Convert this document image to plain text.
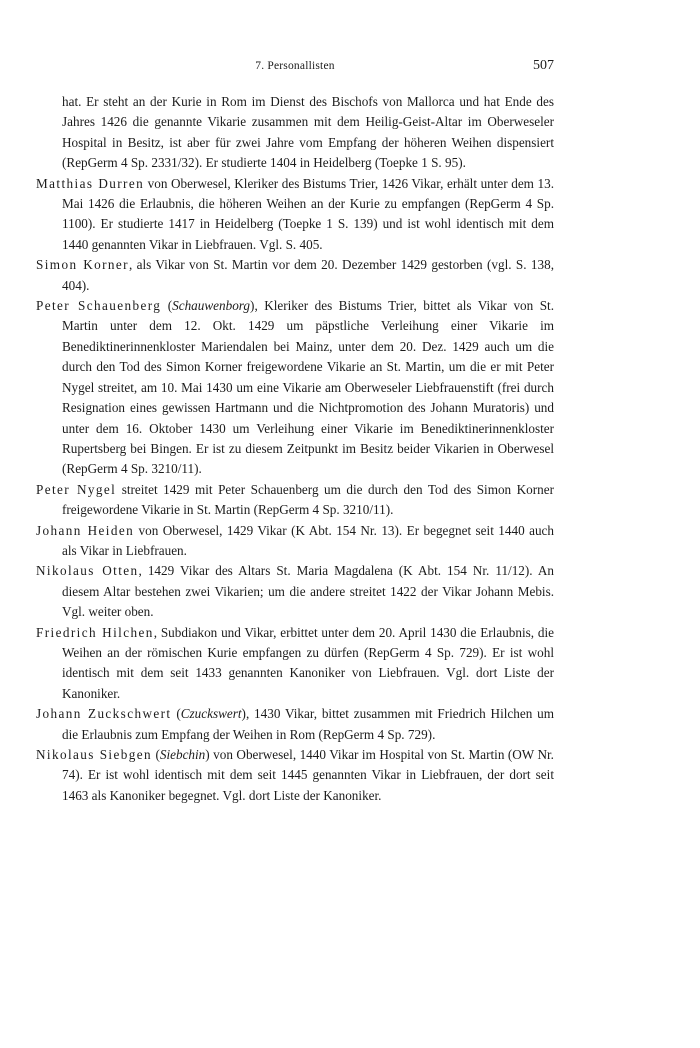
7. Personallisten	507

hat. Er steht an der Kurie in Rom im Dienst des Bischofs von Mallorca und hat Ende des Jahres 1426 die genannte Vikarie zusammen mit dem Heilig-Geist-Altar im Oberweseler Hospital in Besitz, ist aber für zwei Jahre vom Empfang der höheren Weihen dispensiert (RepGerm 4 Sp. 2331/32). Er studierte 1404 in Heidelberg (Toepke 1 S. 95).

Matthias Durren von Oberwesel, Kleriker des Bistums Trier, 1426 Vikar, erhält unter dem 13. Mai 1426 die Erlaubnis, die höheren Weihen an der Kurie zu empfangen (RepGerm 4 Sp. 1100). Er studierte 1417 in Heidelberg (Toepke 1 S. 139) und ist wohl identisch mit dem 1440 genannten Vikar in Liebfrauen. Vgl. S. 405.

Simon Korner, als Vikar von St. Martin vor dem 20. Dezember 1429 gestorben (vgl. S. 138, 404).

Peter Schauenberg (Schauwenborg), Kleriker des Bistums Trier, bittet als Vikar von St. Martin unter dem 12. Okt. 1429 um päpstliche Verleihung einer Vikarie im Benediktinerinnenkloster Mariendalen bei Mainz, unter dem 20. Dez. 1429 auch um die durch den Tod des Simon Korner freigewordene Vikarie an St. Martin, um die er mit Peter Nygel streitet, am 10. Mai 1430 um eine Vikarie am Oberweseler Liebfrauenstift (frei durch Resignation eines gewissen Hartmann und die Nichtpromotion des Johann Muratoris) und unter dem 16. Oktober 1430 um Verleihung einer Vikarie im Benediktinerinnenkloster Rupertsberg bei Bingen. Er ist zu diesem Zeitpunkt im Besitz beider Vikarien in Oberwesel (RepGerm 4 Sp. 3210/11).

Peter Nygel streitet 1429 mit Peter Schauenberg um die durch den Tod des Simon Korner freigewordene Vikarie in St. Martin (RepGerm 4 Sp. 3210/11).

Johann Heiden von Oberwesel, 1429 Vikar (K Abt. 154 Nr. 13). Er begegnet seit 1440 auch als Vikar in Liebfrauen.

Nikolaus Otten, 1429 Vikar des Altars St. Maria Magdalena (K Abt. 154 Nr. 11/12). An diesem Altar bestehen zwei Vikarien; um die andere streitet 1422 der Vikar Johann Mebis. Vgl. weiter oben.

Friedrich Hilchen, Subdiakon und Vikar, erbittet unter dem 20. April 1430 die Erlaubnis, die Weihen an der römischen Kurie empfangen zu dürfen (RepGerm 4 Sp. 729). Er ist wohl identisch mit dem seit 1433 genannten Kanoniker von Liebfrauen. Vgl. dort Liste der Kanoniker.

Johann Zuckschwert (Czuckswert), 1430 Vikar, bittet zusammen mit Friedrich Hilchen um die Erlaubnis zum Empfang der Weihen in Rom (RepGerm 4 Sp. 729).

Nikolaus Siebgen (Siebchin) von Oberwesel, 1440 Vikar im Hospital von St. Martin (OW Nr. 74). Er ist wohl identisch mit dem seit 1445 genannten Vikar in Liebfrauen, der dort seit 1463 als Kanoniker begegnet. Vgl. dort Liste der Kanoniker.
